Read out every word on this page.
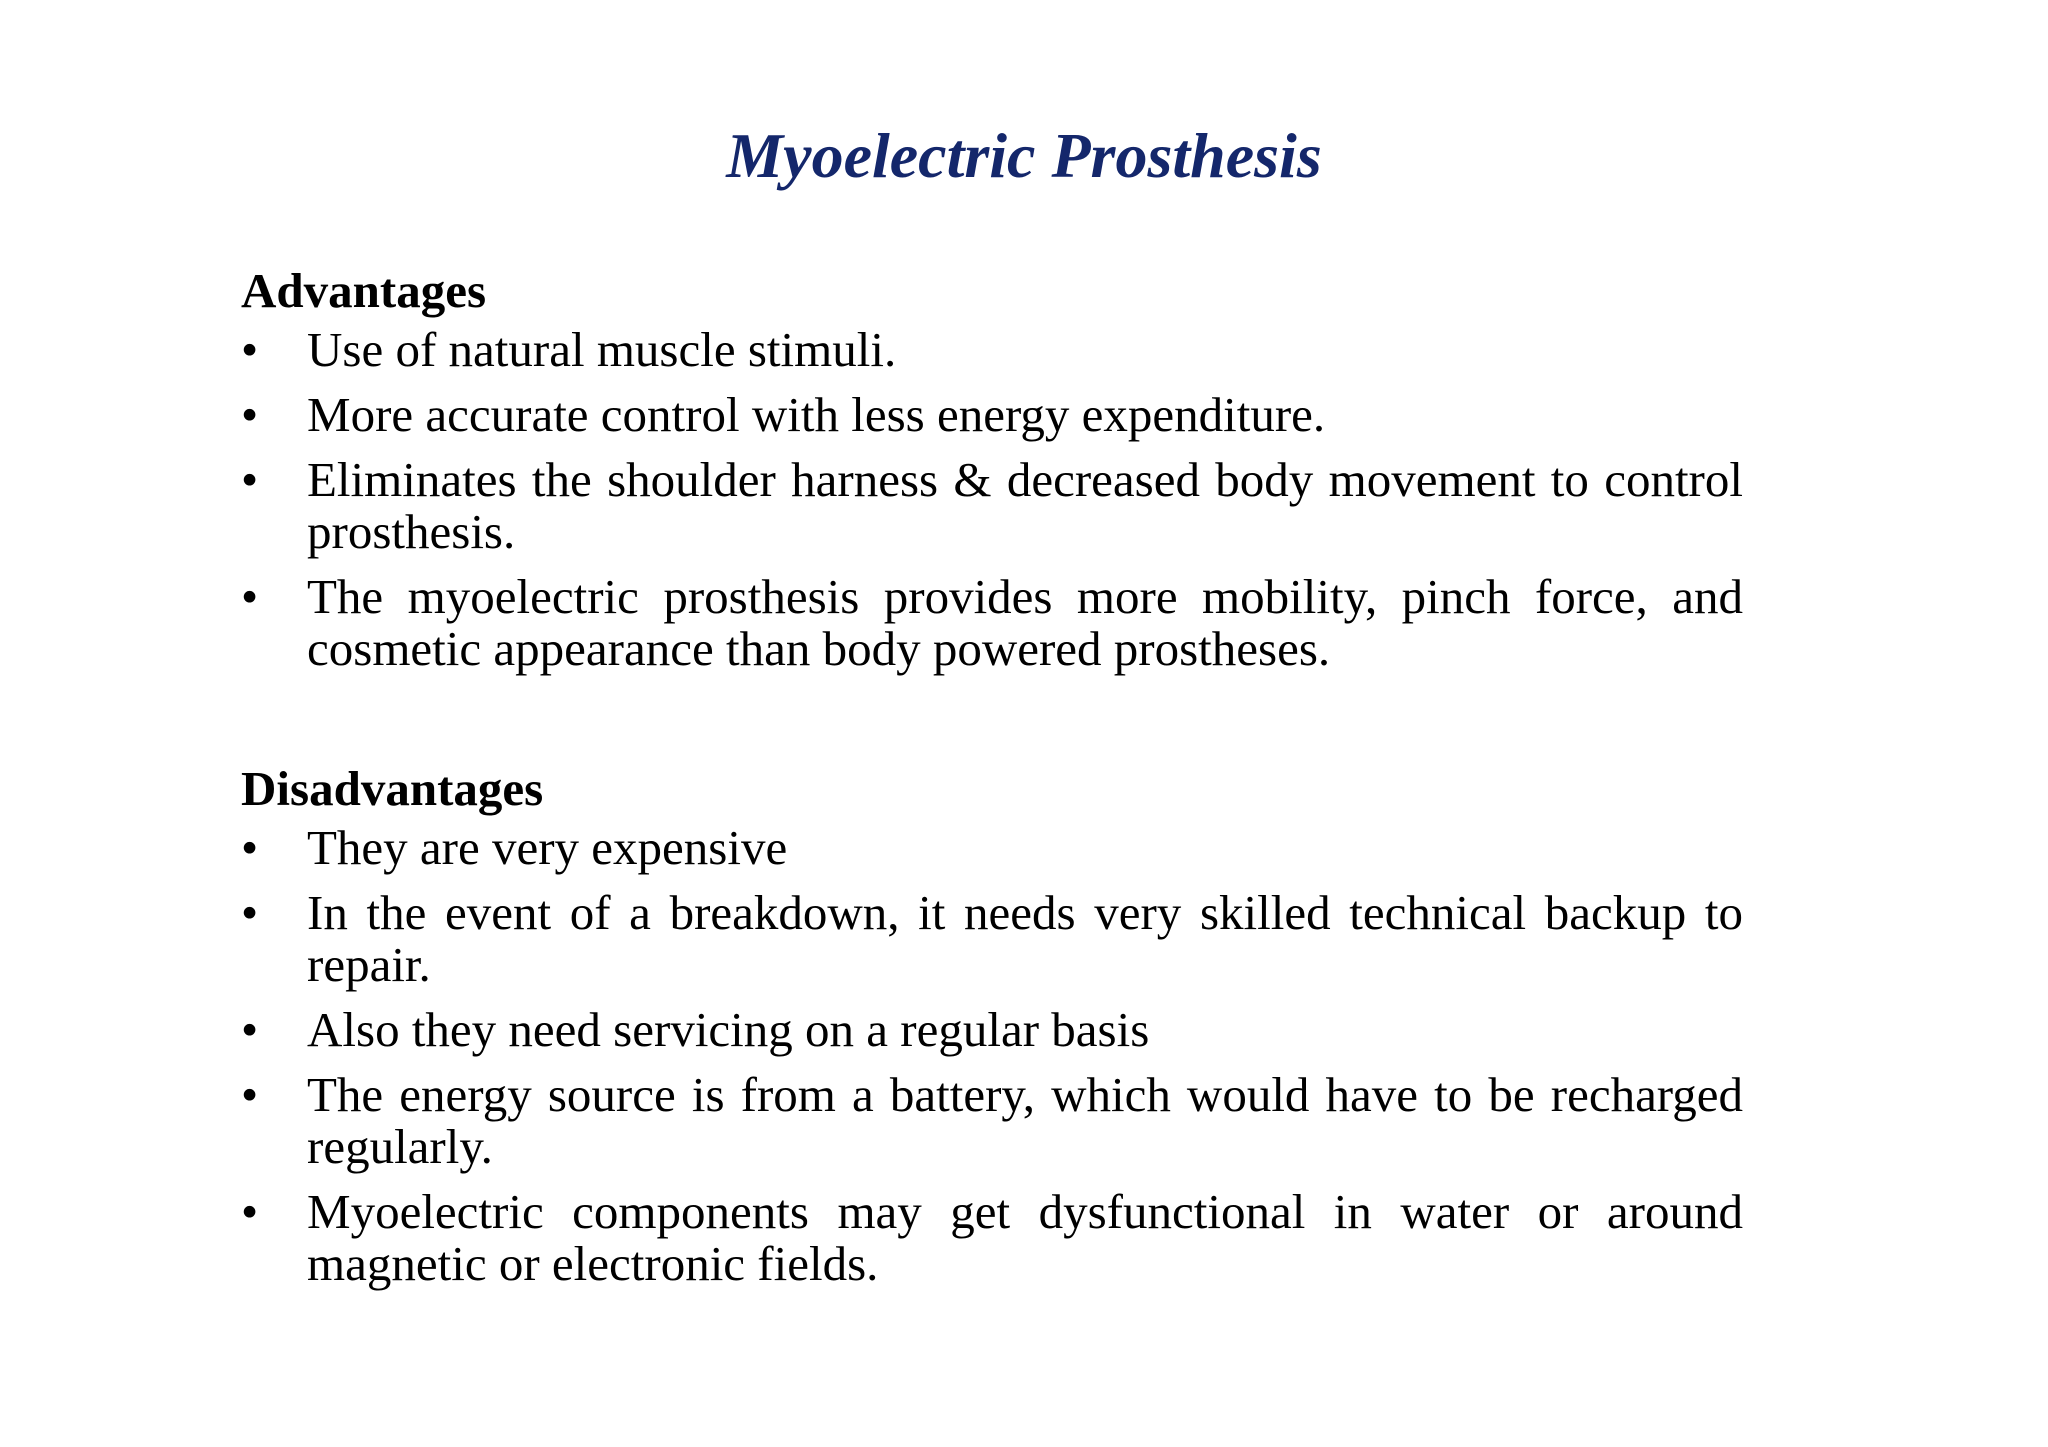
Myoelectric Prosthesis
Advantages
• Use of natural muscle stimuli.
• More accurate control with less energy expenditure.
• Eliminates the shoulder harness & decreased body movement to control prosthesis.
• The myoelectric prosthesis provides more mobility, pinch force, and cosmetic appearance than body powered prostheses.
Disadvantages
• They are very expensive
• In the event of a breakdown, it needs very skilled technical backup to repair.
• Also they need servicing on a regular basis
• The energy source is from a battery, which would have to be recharged regularly.
• Myoelectric components may get dysfunctional in water or around magnetic or electronic fields.
